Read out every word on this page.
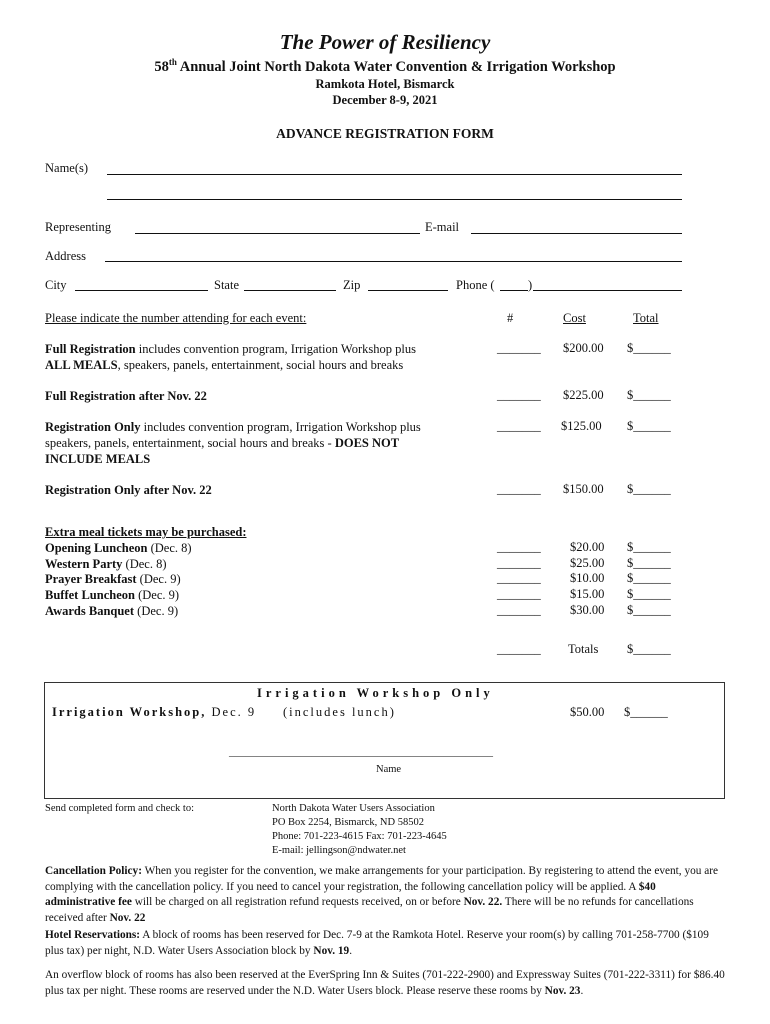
The Power of Resiliency
58th Annual Joint North Dakota Water Convention & Irrigation Workshop
Ramkota Hotel, Bismarck
December 8-9, 2021
ADVANCE REGISTRATION FORM
Name(s)
Representing	E-mail
Address
City	State	Zip	Phone (	)
Please indicate the number attending for each event:	#	Cost	Total
Full Registration includes convention program, Irrigation Workshop plus
ALL MEALS, speakers, panels, entertainment, social hours and breaks
_______ $200.00 $______
Full Registration after Nov. 22	_______ $225.00 $______
Registration Only includes convention program, Irrigation Workshop plus
speakers, panels, entertainment, social hours and breaks - DOES NOT
INCLUDE MEALS
_______ $125.00 $______
Registration Only after Nov. 22	_______ $150.00 $______
Extra meal tickets may be purchased:
Opening Luncheon (Dec. 8)	_______ $20.00 $______
Western Party (Dec. 8)	_______ $25.00 $______
Prayer Breakfast (Dec. 9)	_______ $10.00 $______
Buffet Luncheon (Dec. 9)	_______ $15.00 $______
Awards Banquet (Dec. 9)	_______ $30.00 $______
_______ Totals $______
Irrigation Workshop Only
Irrigation Workshop, Dec. 9 (includes lunch)	$50.00 $______
________________________________________________
Name
Send completed form and check to:	North Dakota Water Users Association
PO Box 2254, Bismarck, ND 58502
Phone: 701-223-4615 Fax: 701-223-4645
E-mail: jellingson@ndwater.net
Cancellation Policy: When you register for the convention, we make arrangements for your participation. By registering to attend the event, you are complying with the cancellation policy. If you need to cancel your registration, the following cancellation policy will be applied. A $40 administrative fee will be charged on all registration refund requests received, on or before Nov. 22. There will be no refunds for cancellations received after Nov. 22
Hotel Reservations: A block of rooms has been reserved for Dec. 7-9 at the Ramkota Hotel. Reserve your room(s) by calling 701-258-7700 ($109 plus tax) per night, N.D. Water Users Association block by Nov. 19.
An overflow block of rooms has also been reserved at the EverSpring Inn & Suites (701-222-2900) and Expressway Suites (701-222-3311) for $86.40 plus tax per night. These rooms are reserved under the N.D. Water Users block. Please reserve these rooms by Nov. 23.
